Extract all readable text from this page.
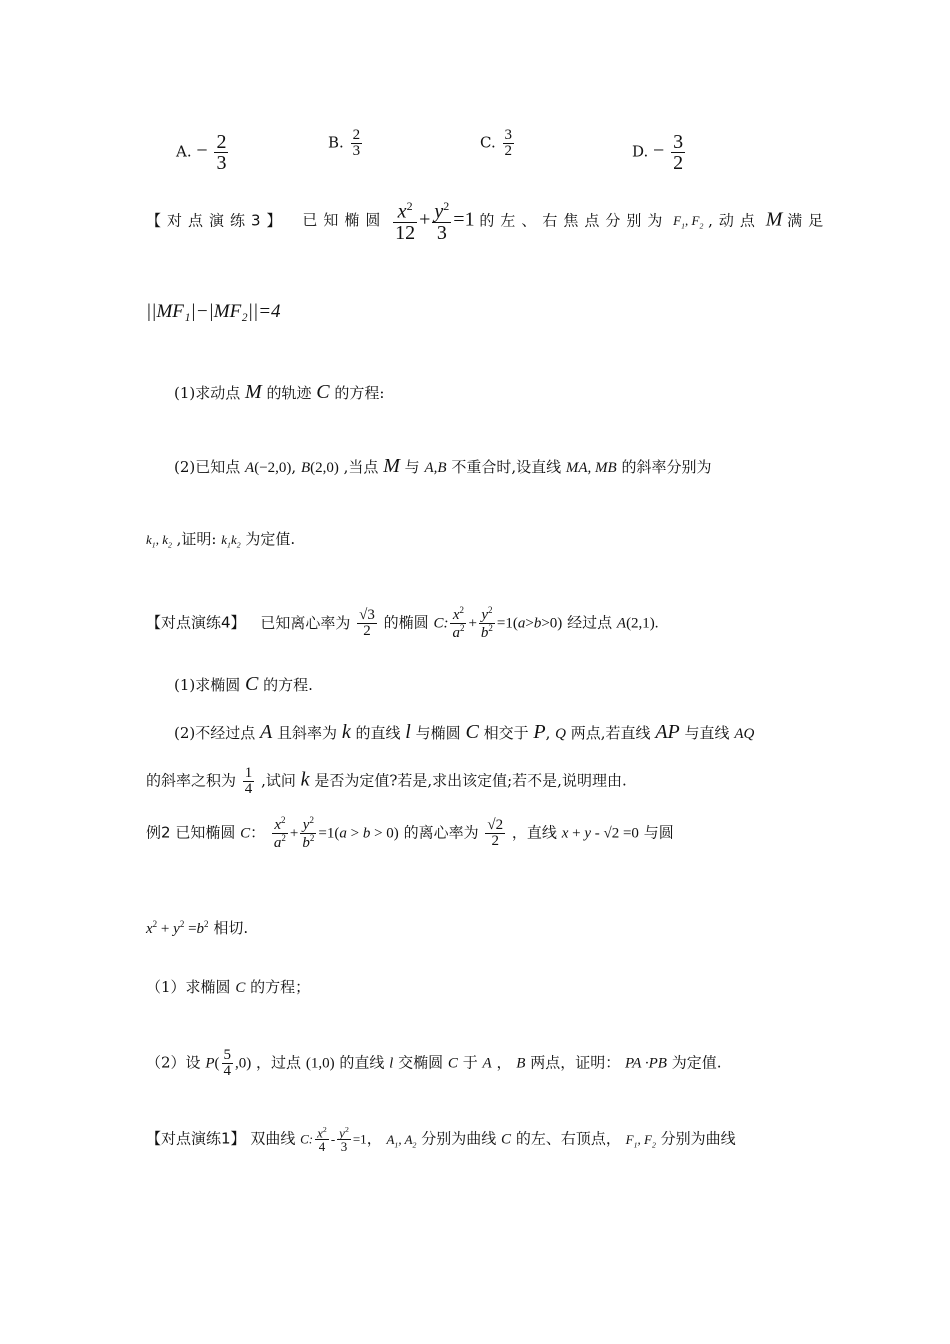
A. − $\frac{2}{3}$	B. $\frac{2}{3}$	C. $\frac{3}{2}$	D. − $\frac{3}{2}$
【对点演练3】 已知椭圆 $\frac{x^2}{12} + \frac{y^2}{3} =1$ 的左、右焦点分别为 $F_1$, $F_2$ ,动点 M 满足
||MF₁|−|MF₂||=4
(1)求动点 M 的轨迹 C 的方程:
(2)已知点 A(−2,0), B(2,0) ,当点 M 与 A,B 不重合时,设直线 MA, MB 的斜率分别为
$k_1$, $k_2$ ,证明: $k_1k_2$ 为定值.
【对点演练4】 已知离心率为 $\frac{√3}{2}$ 的椭圆 C: $\frac{x^2}{a^2} + \frac{y^2}{b^2} =1(a>b>0)$ 经过点 A(2,1).
(1)求椭圆 C 的方程.
(2)不经过点 A 且斜率为 k 的直线 l 与椭圆 C 相交于 P, Q 两点,若直线 AP 与直线 AQ
的斜率之积为 $\frac{1}{4}$ ,试问 k 是否为定值?若是,求出该定值;若不是,说明理由.
例2 已知椭圆 C： $\frac{x^2}{a^2} + \frac{y^2}{b^2} =1(a > b > 0)$ 的离心率为 $\frac{√2}{2}$ ，直线 x + y - √2 =0 与圆
$x^2 + y^2 =b^2$ 相切.
（1）求椭圆 C 的方程；
（2）设 $P( \frac{5}{4} ,0)$ ，过点 (1,0) 的直线 l 交椭圆 C 于 A ， B 两点，证明： PA ·PB 为定值.
【对点演练1】 双曲线 C: $\frac{x^2}{4} - \frac{y^2}{3} =1$， $A_1$, $A_2$ 分别为曲线 C 的左、右顶点， $F_1$, $F_2$ 分别为曲线
